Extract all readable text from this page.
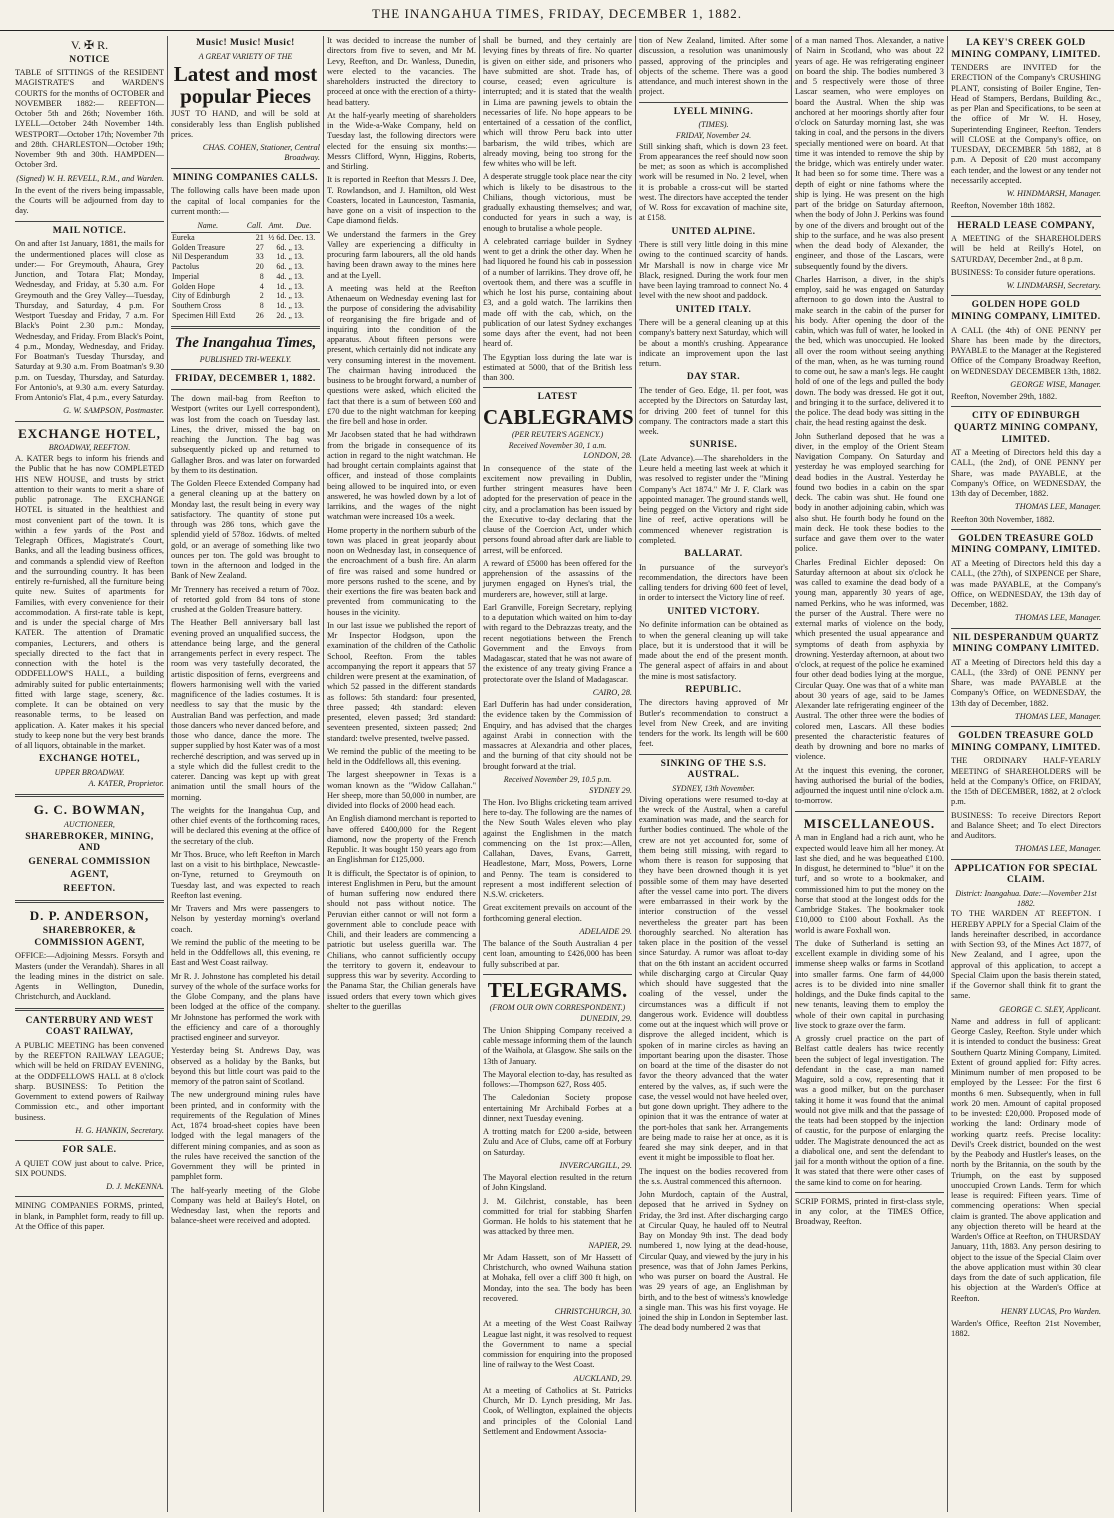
THE INANGAHUA TIMES, FRIDAY, DECEMBER 1, 1882.
V. ✠ R.
NOTICE

TABLE of SITTINGS of the RESIDENT MAGISTRATE'S and WARDEN'S COURTS for the months of OCTOBER and NOVEMBER 1882:— REEFTON—October 5th and 26th; November 16th. LYELL—October 24th November 14th. WESTPORT—October 17th; November 7th and 28th. CHARLESTON—October 19th; November 9th and 30th. HAMPDEN—October 3rd.

(Signed) W. H. REVELL, R.M., and Warden.

In the event of the rivers being impassable, the Courts will be adjourned from day to day.

MAIL NOTICE.

On and after 1st January, 1881, the mails for the undermentioned places will close as under:— For Greymouth, Ahaura, Grey Junction, and Totara Flat; Monday, Wednesday, and Friday, at 5.30 a.m. For Greymouth and the Grey Valley—Tuesday, Thursday, and Saturday, 4 p.m. For Westport Tuesday and Friday, 7 a.m. For Black's Point 2.30 p.m.: Monday, Wednesday, and Friday. From Black's Point, 4 p.m., Monday, Wednesday, and Friday. For Boatman's Tuesday Thursday, and Saturday at 9.30 a.m. From Boatman's 9.30 p.m. on Tuesday, Thursday, and Saturday. For Antonio's, at 9.30 a.m. every Saturday. From Antonio's Flat, 4 p.m., every Saturday.

G. W. SAMPSON, Postmaster.

EXCHANGE HOTEL,
BROADWAY, REEFTON.

A. KATER begs to inform his friends and the Public that he has now COMPLETED HIS NEW HOUSE, and trusts by strict attention to their wants to merit a share of public patronage. The EXCHANGE HOTEL is situated in the healthiest and most convenient part of the town. It is within a few yards of the Post and Telegraph Offices, Magistrate's Court, Banks, and all the leading business offices, and commands a splendid view of Reefton and the surrounding country. It has been entirely re-furnished, all the furniture being quite new. Suites of apartments for Families, with every convenience for their accommodation. A first-rate table is kept, and is under the special charge of Mrs KATER. The attention of Dramatic companies, Lecturers, and others is specially directed to the fact that in connection with the hotel is the ODDFELLOW'S HALL, a building admirably suited for public entertainments; fitted with large stage, scenery, &c. complete. It can be obtained on very reasonable terms, to be leased on application. A. Kater makes it his special study to keep none but the very best brands of all liquors, obtainable in the market.

EXCHANGE HOTEL,
UPPER BROADWAY.

A. KATER, Proprietor.

G. C. BOWMAN,
AUCTIONEER,
SHAREBROKER, MINING, AND
GENERAL COMMISSION
AGENT,
REEFTON.
D. P. ANDERSON,
SHAREBROKER, & COMMISSION AGENT,

OFFICE:—Adjoining Messrs. Forsyth and Masters (under the Verandah). Shares in all the leading mines in the district on sale. Agents in Wellington, Dunedin, Christchurch, and Auckland.

CANTERBURY AND WEST COAST RAILWAY,

A PUBLIC MEETING has been convened by the REEFTON RAILWAY LEAGUE; which will be held on FRIDAY EVENING, at the ODDFELLOWS HALL at 8 o'clock sharp. BUSINESS: To Petition the Government to extend powers of Railway Commission etc., and other important business.

H. G. HANKIN, Secretary.

FOR SALE.

A QUIET COW just about to calve. Price, SIX POUNDS.

D. J. McKENNA.

MINING COMPANIES FORMS, printed, in blank, in Pamphlet form, ready to fill up. At the Office of this paper.

Music! Music! Music!
A GREAT VARIETY OF THE
Latest and most popular Pieces

JUST TO HAND, and will be sold at considerably less than English published prices.

CHAS. COHEN, Stationer, Central Broadway.

MINING COMPANIES CALLS.

The following calls have been made upon the capital of local companies for the current month:—

Name.	Call.	Amt.	Due.
Eureka	21	½ 6d.	Dec. 13.
Golden Treasure	27	6d.	„ 13.
Nil Desperandum	33	1d.	„ 13.
Pactolus	20	6d.	„ 13.
Imperial	8	4d.	„ 13.
Golden Hope	4	1d.	„ 13.
City of Edinburgh	2	1d.	„ 13.
Southern Cross	8	1d.	„ 13.
Specimen Hill Extd	26	2d.	„ 13.
The Inangahua Times,
PUBLISHED TRI-WEEKLY.
FRIDAY, DECEMBER 1, 1882.

The down mail-bag from Reefton to Westport (writes our Lyell correspondent), was lost from the coach on Tuesday last. Lines, the driver, missed the bag on reaching the Junction. The bag was subsequently picked up and returned to Gallagher Bros. and was later on forwarded by them to its destination.

The Golden Fleece Extended Company had a general cleaning up at the battery on Monday last, the result being in every way satisfactory. The quantity of stone put through was 286 tons, which gave the splendid yield of 578oz. 16dwts. of melted gold, or an average of something like two ounces per ton. The gold was brought to town in the afternoon and lodged in the Bank of New Zealand.

Mr Trennery has received a return of 70oz. of retorted gold from 84 tons of stone crushed at the Golden Treasure battery.

The Heather Bell anniversary ball last evening proved an unqualified success, the attendance being large, and the general arrangements perfect in every respect. The room was very tastefully decorated, the artistic disposition of ferns, evergreens and flowers harmonising well with the varied magnificence of the ladies costumes. It is needless to say that the music by the Australian Band was perfection, and made those dancers who never danced before, and those who dance, dance the more. The supper supplied by host Kater was of a most recherché description, and was served up in a style which did the fullest credit to the caterer. Dancing was kept up with great animation until the small hours of the morning.

The weights for the Inangahua Cup, and other chief events of the forthcoming races, will be declared this evening at the office of the secretary of the club.

Mr Thos. Bruce, who left Reefton in March last on a visit to his birthplace, Newcastle-on-Tyne, returned to Greymouth on Tuesday last, and was expected to reach Reefton last evening.

Mr Travers and Mrs were passengers to Nelson by yesterday morning's overland coach.

We remind the public of the meeting to be held in the Oddfellows all, this evening, re East and West Coast railway.

Mr R. J. Johnstone has completed his detail survey of the whole of the surface works for the Globe Company, and the plans have been lodged at the office of the company. Mr Johnstone has performed the work with the efficiency and care of a thoroughly practised engineer and surveyor.

Yesterday being St. Andrews Day, was observed as a holiday by the Banks, but beyond this but little court was paid to the memory of the patron saint of Scotland.

The new underground mining rules have been printed, and in conformity with the requirements of the Regulation of Mines Act, 1874 broad-sheet copies have been lodged with the legal managers of the different mining companies, and as soon as the rules have received the sanction of the Government they will be printed in pamphlet form.

The half-yearly meeting of the Globe Company was held at Bailey's Hotel, on Wednesday last, when the reports and balance-sheet were received and adopted.

It was decided to increase the number of directors from five to seven, and Mr M. Levy, Reefton, and Dr. Wanless, Dunedin, were elected to the vacancies. The shareholders instructed the directory to proceed at once with the erection of a thirty-head battery.

At the half-yearly meeting of shareholders in the Wide-a-Wake Company, held on Tuesday last, the following directors were elected for the ensuing six months:—Messrs Clifford, Wynn, Higgins, Roberts, and Stirling.

It is reported in Reefton that Messrs J. Dee, T. Rowlandson, and J. Hamilton, old West Coasters, located in Launceston, Tasmania, have gone on a visit of inspection to the Cape diamond fields.

We understand the farmers in the Grey Valley are experiencing a difficulty in procuring farm labourers, all the old hands having been drawn away to the mines here and at the Lyell.

A meeting was held at the Reefton Athenaeum on Wednesday evening last for the purpose of considering the advisability of reorganising the fire brigade and of inquiring into the condition of the apparatus. About fifteen persons were present, which certainly did not indicate any very consuming interest in the movement. The chairman having introduced the business to be brought forward, a number of questions were asked, which elicited the fact that there is a sum of between £60 and £70 due to the night watchman for keeping the fire bell and hose in order.

Mr Jacobsen stated that he had withdrawn from the brigade in consequence of its action in regard to the night watchman. He had brought certain complaints against that officer, and instead of those complaints being allowed to be inquired into, or even answered, he was howled down by a lot of larrikins, and the wages of the night watchman were increased 10s a week.

Home property in the northern suburb of the town was placed in great jeopardy about noon on Wednesday last, in consequence of the encroachment of a bush fire. An alarm of fire was raised and some hundred or more persons rushed to the scene, and by their exertions the fire was beaten back and prevented from communicating to the houses in the vicinity.

In our last issue we published the report of Mr Inspector Hodgson, upon the examination of the children of the Catholic School, Reefton. From the tables accompanying the report it appears that 57 children were present at the examination, of which 52 passed in the different standards as follows: 5th standard: four presented, three passed; 4th standard: eleven presented, eleven passed; 3rd standard: seventeen presented, sixteen passed; 2nd standard: twelve presented, twelve passed.

We remind the public of the meeting to be held in the Oddfellows all, this evening.

The largest sheepowner in Texas is a woman known as the "Widow Callahan." Her sheep, more than 50,000 in number, are divided into flocks of 2000 head each.

An English diamond merchant is reported to have offered £400,000 for the Regent diamond, now the property of the French Republic. It was bought 150 years ago from an Englishman for £125,000.

It is difficult, the Spectator is of opinion, to interest Englishmen in Peru, but the amount of human suffering now endured there should not pass without notice. The Peruvian either cannot or will not form a government able to conclude peace with Chili, and their leaders are commencing a patriotic but useless guerilla war. The Chilians, who cannot sufficiently occupy the territory to govern it, endeavour to suppress this war by severity. According to the Panama Star, the Chilian generals have issued orders that every town which gives shelter to the guerillas

shall be burned, and they certainly are levying fines by threats of fire. No quarter is given on either side, and prisoners who have submitted are shot. Trade has, of course, ceased; even agriculture is interrupted; and it is stated that the wealth in Lima are pawning jewels to obtain the necessaries of life. No hope appears to be entertained of a cessation of the conflict, which will throw Peru back into utter barbarism, the wild tribes, which are already moving, being too strong for the few whites who will be left.

A desperate struggle took place near the city which is likely to be disastrous to the Chilians, though victorious, must be gradually exhausting themselves; and war, conducted for years in such a way, is enough to brutalise a whole people.

A celebrated carriage builder in Sydney went to get a drink the other day. When he had liquored he found his cab in possession of a number of larrikins. They drove off, he overtook them, and there was a scuffle in which he lost his purse, containing about £3, and a gold watch. The larrikins then made off with the cab, which, on the publication of our latest Sydney exchanges some days after the event, had not been heard of.

The Egyptian loss during the late war is estimated at 5000, that of the British less than 300.

LATEST
CABLEGRAMS
(PER REUTER'S AGENCY.)
Received November 30, 1 a.m.

LONDON, 28.

In consequence of the state of the excitement now prevailing in Dublin, further stringent measures have been adopted for the preservation of peace in the city, and a proclamation has been issued by the Executive to-day declaring that the clause of the Coercion Act, under which persons found abroad after dark are liable to arrest, will be enforced.

A reward of £5000 has been offered for the apprehension of the assassins of the jurymen engaged on Hynes's trial, the murderers are, however, still at large.

Earl Granville, Foreign Secretary, replying to a deputation which waited on him to-day with regard to the Debrazzas treaty, and the recent negotiations between the French Government and the Envoys from Madagascar, stated that he was not aware of the existence of any treaty giving France a protectorate over the Island of Madagascar.

CAIRO, 28.

Earl Dufferin has had under consideration, the evidence taken by the Commission of Enquiry, and has advised that the charges against Arabi in connection with the massacres at Alexandria and other places, and the burning of that city should not be brought forward at the trial.

Received November 29, 10.5 p.m.

SYDNEY 29.

The Hon. Ivo Blighs cricketing team arrived here to-day. The following are the names of the New South Wales eleven who play against the Englishmen in the match commencing on the 1st prox:—Allen, Callahan, Daves, Evans, Garrett, Headlestone, Marr, Moss, Powers, Lorne and Penny. The team is considered to represent a most indifferent selection of N.S.W. cricketers.

Great excitement prevails on account of the forthcoming general election.

ADELAIDE 29.

The balance of the South Australian 4 per cent loan, amounting to £426,000 has been fully subscribed at par.

TELEGRAMS.
(FROM OUR OWN CORRESPONDENT.)

DUNEDIN, 29.

The Union Shipping Company received a cable message informing them of the launch of the Waihola, at Glasgow. She sails on the 13th of January.

The Mayoral election to-day, has resulted as follows:—Thompson 627, Ross 405.

The Caledonian Society propose entertaining Mr Archibald Forbes at a dinner, next Tuesday evening.

A trotting match for £200 a-side, between Zulu and Ace of Clubs, came off at Forbury on Saturday.

INVERCARGILL, 29.

The Mayoral election resulted in the return of John Kingsland.

J. M. Gilchrist, constable, has been committed for trial for stabbing Sharfen Gorman. He holds to his statement that he was attacked by three men.

NAPIER, 29.

Mr Adam Hassett, son of Mr Hassett of Christchurch, who owned Waihuna station at Mohaka, fell over a cliff 300 ft high, on Monday, into the sea. The body has been recovered.

CHRISTCHURCH, 30.

At a meeting of the West Coast Railway League last night, it was resolved to request the Government to name a special commission for enquiring into the proposed line of railway to the West Coast.

AUCKLAND, 29.

At a meeting of Catholics at St. Patricks Church, Mr D. Lynch presiding, Mr Jas. Cook, of Wellington, explained the objects and principles of the Colonial Land Settlement and Endowment Associa-

tion of New Zealand, limited. After some discussion, a resolution was unanimously passed, approving of the principles and objects of the scheme. There was a good attendance, and much interest shown in the project.

LYELL MINING.
(TIMES).
FRIDAY, November 24.

Still sinking shaft, which is down 23 feet. From appearances the reef should now soon be met; as soon as which is accomplished work will be resumed in No. 2 level, when it is probable a cross-cut will be started west. The directors have accepted the tender of W. Ross for excavation of machine site, at £158.

UNITED ALPINE.

There is still very little doing in this mine owing to the continued scarcity of hands. Mr Marshall is now in charge vice Mr Black, resigned. During the work four men have been laying tramroad to connect No. 4 level with the new shoot and paddock.

UNITED ITALY.

There will be a general cleaning up at this company's battery next Saturday, which will be about a month's crushing. Appearance indicate an improvement upon the last return.

DAY STAR.

The tender of Geo. Edge, 1l. per foot, was accepted by the Directors on Saturday last, for driving 200 feet of tunnel for this company. The contractors made a start this week.

SUNRISE.

(Late Advance).—The shareholders in the Leure held a meeting last week at which it was resolved to register under the "Mining Company's Act 1874." Mr J. F. Clark was appointed manager. The ground stands well, being pegged on the Victory and right side line of reef, active operations will be commenced whenever registration is completed.

BALLARAT.

In pursuance of the surveyor's recommendation, the directors have been calling tenders for driving 600 feet of level, in order to intersect the Victory line of reef.

UNITED VICTORY.

No definite information can be obtained as to when the general cleaning up will take place, but it is understood that it will be made about the end of the present month. The general aspect of affairs in and about the mine is most satisfactory.

REPUBLIC.

The directors having approved of Mr Butler's recommendation to construct a level from New Creek, and are inviting tenders for the work. Its length will be 600 feet.

SINKING OF THE S.S. AUSTRAL.
SYDNEY, 13th November.

Diving operations were resumed to-day at the wreck of the Austral, when a careful examination was made, and the search for further bodies continued. The whole of the crew are not yet accounted for, some of them being still missing, with regard to whom there is reason for supposing that they have been drowned though it is yet possible some of them may have deserted after the vessel came into port. The divers were embarrassed in their work by the interior construction of the vessel nevertheless the greater part has been thoroughly searched. No alteration has taken place in the position of the vessel since Saturday. A rumor was afloat to-day that on the 6th instant an accident occurred while discharging cargo at Circular Quay which should have suggested that the coaling of the vessel, under the circumstances was a difficult if not dangerous work. Evidence will doubtless come out at the inquest which will prove or disprove the alleged incident, which is spoken of in marine circles as having an important bearing upon the disaster. Those on board at the time of the disaster do not favor the theory advanced that the water entered by the valves, as, if such were the case, the vessel would not have heeled over, but gone down upright. They adhere to the opinion that it was the entrance of water at the port-holes that sank her. Arrangements are being made to raise her at once, as it is feared she may sink deeper, and in that event it might be impossible to float her.

The inquest on the bodies recovered from the s.s. Austral commenced this afternoon.

John Murdoch, captain of the Austral, deposed that he arrived in Sydney on Friday, the 3rd inst. After discharging cargo at Circular Quay, he hauled off to Neutral Bay on Monday 9th inst. The dead body numbered 1, now lying at the dead-house, Circular Quay, and viewed by the jury in his presence, was that of John James Perkins, who was purser on board the Austral. He was 29 years of age, an Englishman by birth, and to the best of witness's knowledge a single man. This was his first voyage. He joined the ship in London in September last. The dead body numbered 2 was that

of a man named Thos. Alexander, a native of Nairn in Scotland, who was about 22 years of age. He was refrigerating engineer on board the ship. The bodies numbered 3 and 5 respectively were those of three Lascar seamen, who were employes on board the Austral. When the ship was anchored at her moorings shortly after four o'clock on Saturday morning last, she was taking in coal, and the persons in the divers specially mentioned were on board. At that time it was intended to remove the ship by the bridge, which was entirely under water. It had been so for some time. There was a depth of eight or nine fathoms where the ship is lying. He was present on the high part of the bridge on Saturday afternoon, when the body of John J. Perkins was found by one of the divers and brought out of the ship to the surface, and he was also present when the dead body of Alexander, the engineer, and those of the Lascars, were subsequently found by the divers.

Charles Harrison, a diver, in the ship's employ, said he was engaged on Saturday afternoon to go down into the Austral to make search in the cabin of the purser for his body. After opening the door of the cabin, which was full of water, he looked in the bed, which was unoccupied. He looked all over the room without seeing anything of the man, when, as he was turning round to come out, he saw a man's legs. He caught hold of one of the legs and pulled the body down. The body was dressed. He got it out, and bringing it to the surface, delivered it to the police. The dead body was sitting in the chair, the head resting against the desk.

John Sutherland deposed that he was a diver, in the employ of the Orient Steam Navigation Company. On Saturday and yesterday he was employed searching for dead bodies in the Austral. Yesterday he found two bodies in a cabin on the spar deck. The cabin was shut. He found one body in another adjoining cabin, which was also shut. He fourth body he found on the main deck. He took these bodies to the surface and gave them over to the water police.

Charles Fredinal Eichler deposed: On Saturday afternoon at about six o'clock he was called to examine the dead body of a young man, apparently 30 years of age, named Perkins, who he was informed, was the purser of the Austral. There were no external marks of violence on the body, which presented the usual appearance and symptoms of death from asphyxia by drowning. Yesterday afternoon, at about two o'clock, at request of the police he examined four other dead bodies lying at the morgue, Circular Quay. One was that of a white man about 30 years of age, said to be James Alexander late refrigerating engineer of the Austral. The other three were the bodies of colored men, Lascars. All these bodies presented the characteristic features of death by drowning and bore no marks of violence.

At the inquest this evening, the coroner, having authorised the burial of the bodies, adjourned the inquest until nine o'clock a.m. to-morrow.

MISCELLANEOUS.

A man in England had a rich aunt, who he expected would leave him all her money. At last she died, and he was bequeathed £100. In disgust, he determined to "blue" it on the turf, and so wrote to a bookmaker, and commissioned him to put the money on the horse that stood at the longest odds for the Cambridge Stakes. The bookmaker took £10,000 to £100 about Foxhall. As the world is aware Foxhall won.

The duke of Sutherland is setting an excellent example in dividing some of his immense sheep walks or farms in Scotland into smaller farms. One farm of 44,000 acres is to be divided into nine smaller holdings, and the Duke finds capital to the new tenants, leaving them to employ the whole of their own capital in purchasing live stock to graze over the farm.

A grossly cruel practice on the part of Belfast cattle dealers has twice recently been the subject of legal investigation. The defendant in the case, a man named Maguire, sold a cow, representing that it was a good milker, but on the purchaser taking it home it was found that the animal would not give milk and that the passage of the teats had been stopped by the injection of caustic, for the purpose of enlarging the udder. The Magistrate denounced the act as a diabolical one, and sent the defendant to jail for a month without the option of a fine. It was stated that there were other cases of the same kind to come on for hearing.

SCRIP FORMS, printed in first-class style, in any color, at the TIMES Office, Broadway, Reefton.

LA KEY'S CREEK GOLD MINING COMPANY, LIMITED.

TENDERS are INVITED for the ERECTION of the Company's CRUSHING PLANT, consisting of Boiler Engine, Ten-Head of Stampers, Berdans, Building &c., as per Plan and Specifications, to be seen at the office of Mr W. H. Hosey, Superintending Engineer, Reefton. Tenders will CLOSE at the Company's office, on TUESDAY, DECEMBER 5th 1882, at 8 p.m. A Deposit of £20 must accompany each tender, and the lowest or any tender not necessarily accepted.

W. HINDMARSH, Manager.

Reefton, November 18th 1882.

HERALD LEASE COMPANY,

A MEETING of the SHAREHOLDERS will be held at Reilly's Hotel, on SATURDAY, December 2nd., at 8 p.m.

BUSINESS: To consider future operations.

W. LINDMARSH, Secretary.

GOLDEN HOPE GOLD MINING COMPANY, LIMITED.

A CALL (the 4th) of ONE PENNY per Share has been made by the directors, PAYABLE to the Manager at the Registered Office of the Company Broadway Reefton, on WEDNESDAY DECEMBER 13th, 1882.

GEORGE WISE, Manager.

Reefton, November 29th, 1882.

CITY OF EDINBURGH QUARTZ MINING COMPANY, LIMITED.

AT a Meeting of Directors held this day a CALL, (the 2nd), of ONE PENNY per Share, was made PAYABLE, at the Company's Office, on WEDNESDAY, the 13th day of December, 1882.

THOMAS LEE, Manager.

Reefton 30th November, 1882.

GOLDEN TREASURE GOLD MINING COMPANY, LIMITED.

AT a Meeting of Directors held this day a CALL, (the 27th), of SIXPENCE per Share, was made PAYABLE, at the Company's Office, on WEDNESDAY, the 13th day of December, 1882.

THOMAS LEE, Manager.

NIL DESPERANDUM QUARTZ MINING COMPANY LIMITED.

AT a Meeting of Directors held this day a CALL, (the 33rd) of ONE PENNY per Share, was made PAYABLE at the Company's Office, on WEDNESDAY, the 13th day of December, 1882.

THOMAS LEE, Manager.

GOLDEN TREASURE GOLD MINING COMPANY, LIMITED.

THE ORDINARY HALF-YEARLY MEETING of SHAREHOLDERS will be held at the Company's Office, on FRIDAY, the 15th of DECEMBER, 1882, at 2 o'clock p.m.

BUSINESS: To receive Directors Report and Balance Sheet; and To elect Directors and Auditors.

THOMAS LEE, Manager.

APPLICATION FOR SPECIAL CLAIM.
District: Inangahua. Date:—November 21st 1882.

TO THE WARDEN AT REEFTON. I HEREBY APPLY for a Special Claim of the lands hereinafter described, in accordance with Section 93, of the Mines Act 1877, of New Zealand, and I agree, upon the approval of this application, to accept a Special Claim upon the basis therein stated, if the Governor shall think fit to grant the same.

GEORGE C. SLEY, Applicant.

Name and address in full of applicant: George Casley, Reefton. Style under which it is intended to conduct the business: Great Southern Quartz Mining Company, Limited. Extent of ground applied for: Fifty acres. Minimum number of men proposed to be employed by the Lessee: For the first 6 months 6 men. Subsequently, when in full work 20 men. Amount of capital proposed to be invested: £20,000. Proposed mode of working the land: Ordinary mode of working quartz reefs. Precise locality: Devil's Creek district, bounded on the west by the Peabody and Hustler's leases, on the north by the Britannia, on the south by the Triumph, on the east by supposed unoccupied Crown Lands. Term for which lease is required: Fifteen years. Time of commencing operations: When special claim is granted. The above application and any objection thereto will be heard at the Warden's Office at Reefton, on THURSDAY January, 11th, 1883. Any person desiring to object to the issue of the Special Claim over the above application must within 30 clear days from the date of such application, file his objection at the Warden's Office at Reefton.

HENRY LUCAS, Pro Warden.

Warden's Office, Reefton 21st November, 1882.
